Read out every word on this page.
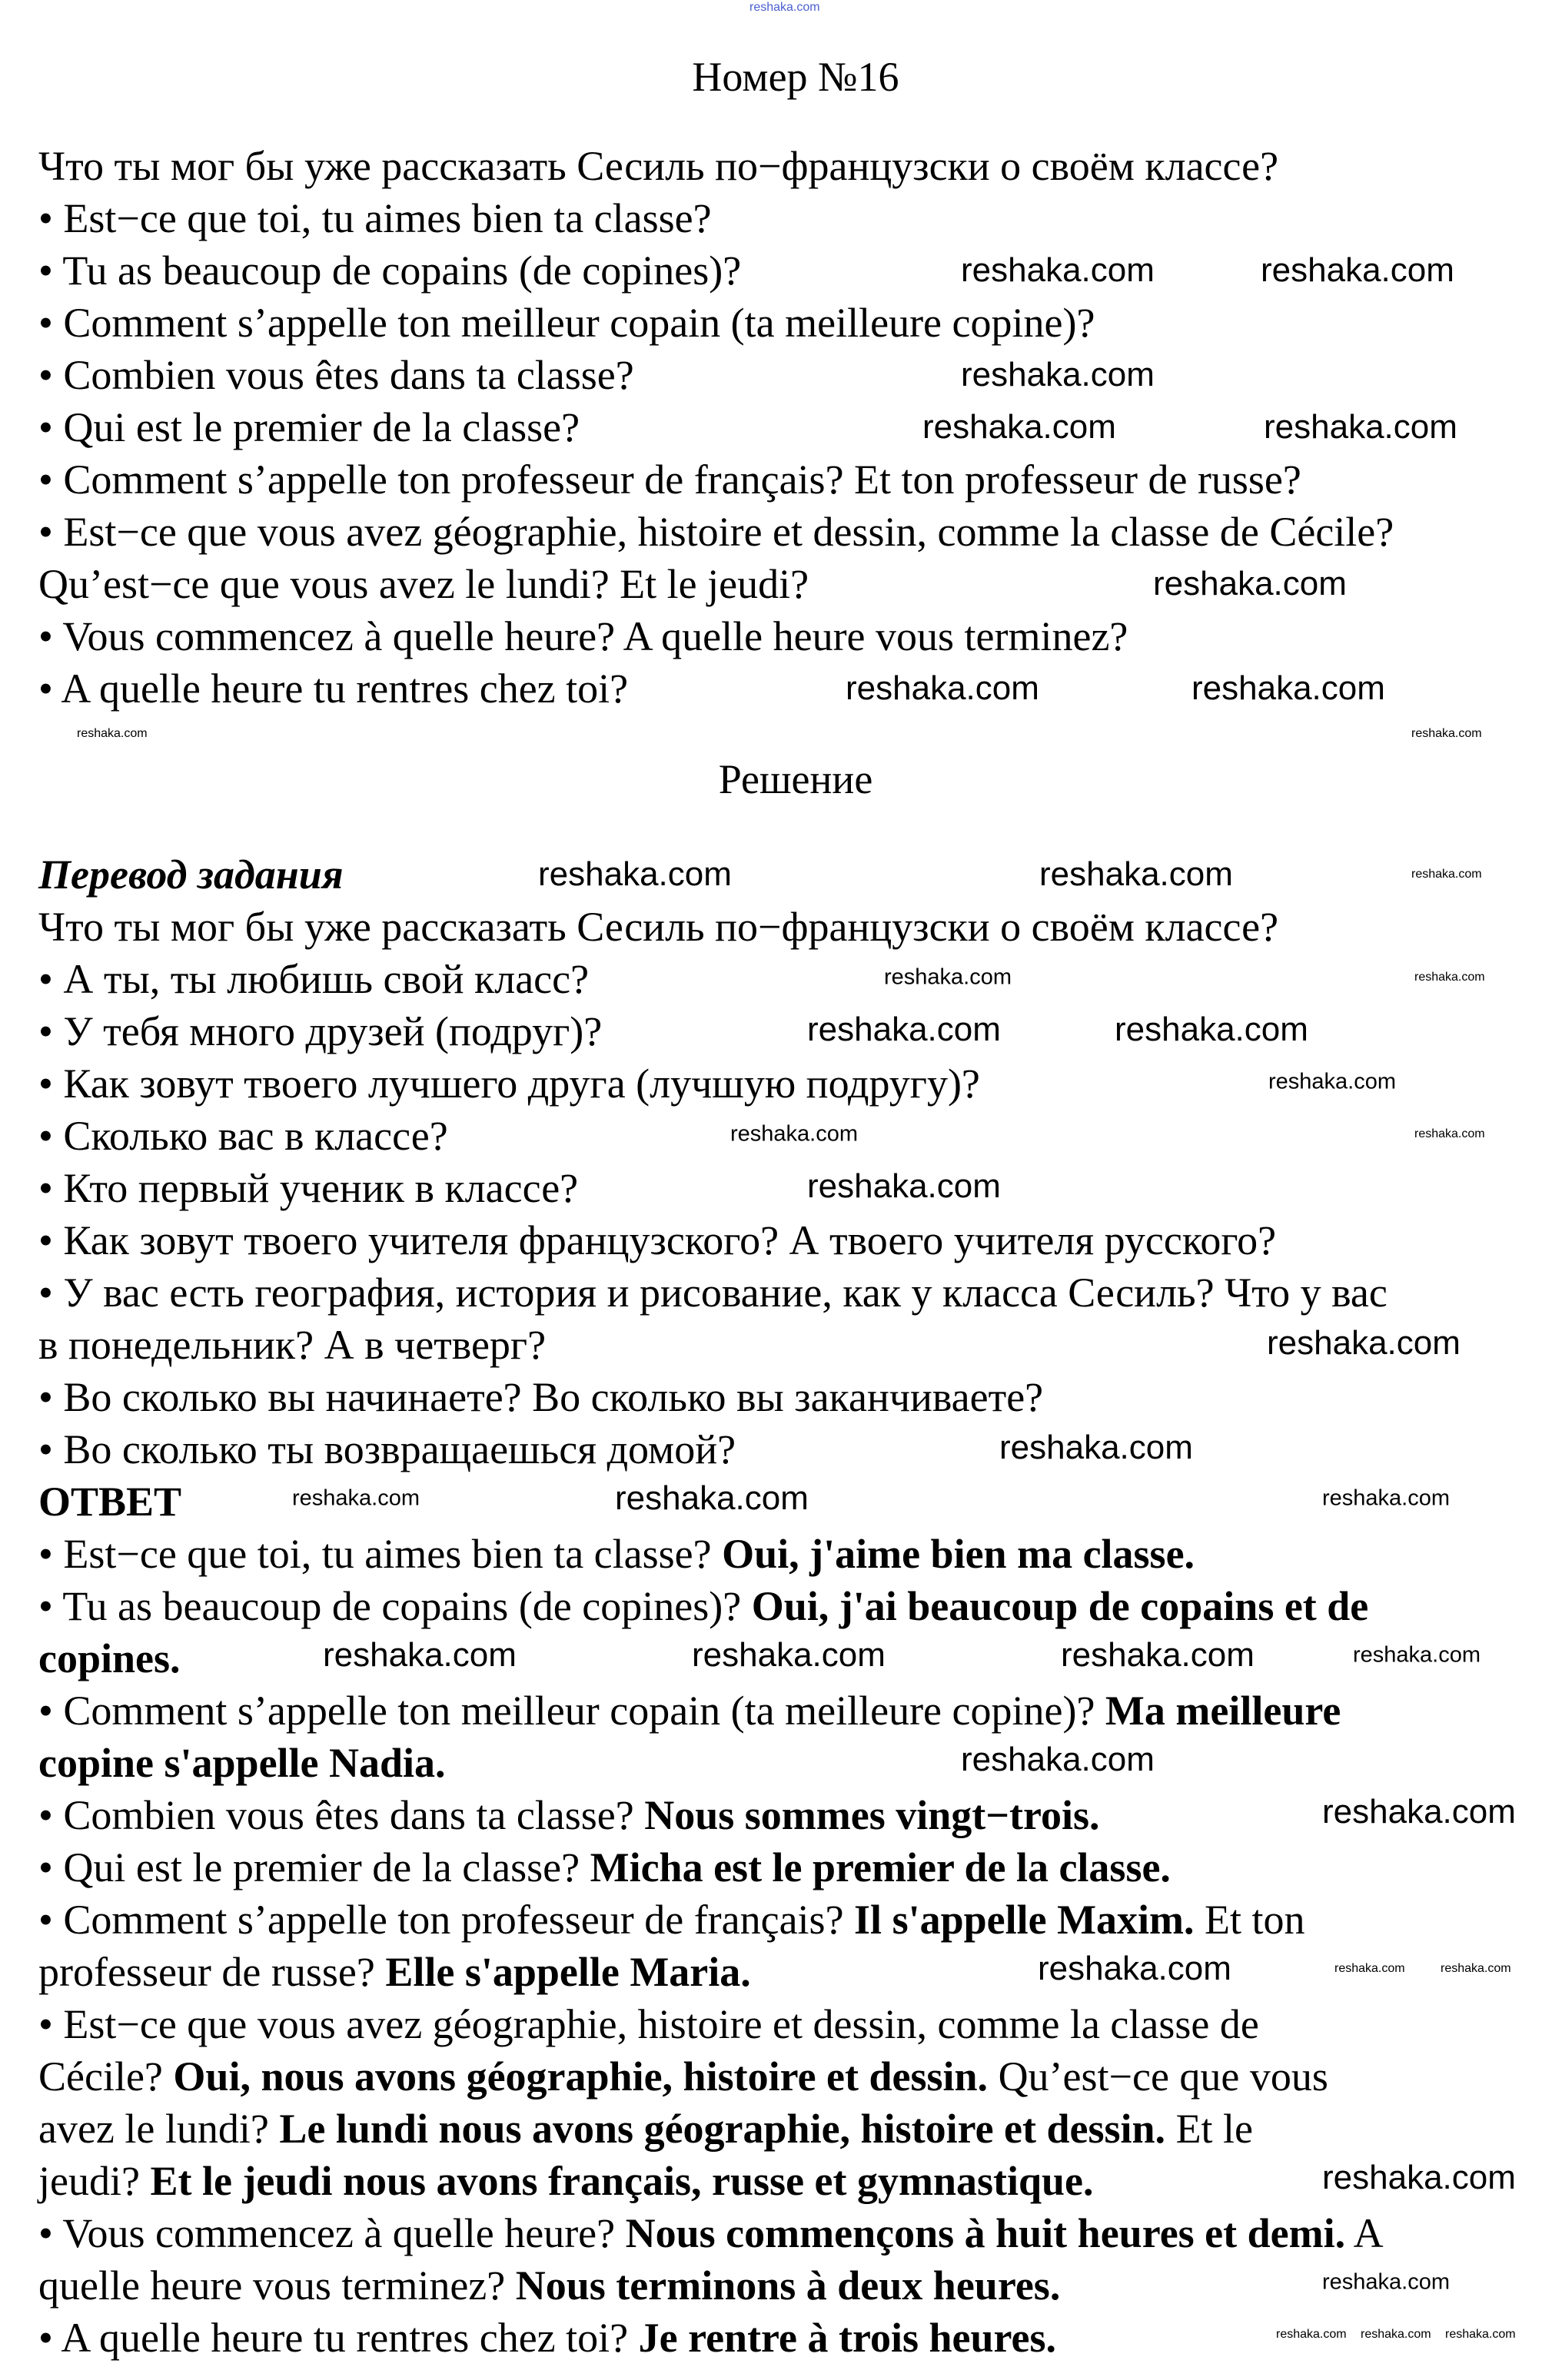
reshaka.com
Номер №16
Что ты мог бы уже рассказать Сесиль по−французски о своём классе?
• Est−ce que toi, tu aimes bien ta classe?
• Tu as beaucoup de copains (de copines)?
• Comment s’appelle ton meilleur copain (ta meilleure copine)?
• Combien vous êtes dans ta classe?
• Qui est le premier de la classe?
• Comment s’appelle ton professeur de français? Et ton professeur de russe?
• Est−ce que vous avez géographie, histoire et dessin, comme la classe de Cécile?
Qu’est−ce que vous avez le lundi? Et le jeudi?
• Vous commencez à quelle heure? A quelle heure vous terminez?
• A quelle heure tu rentres chez toi?
Решение
Перевод задания
Что ты мог бы уже рассказать Сесиль по−французски о своём классе?
• А ты, ты любишь свой класс?
• У тебя много друзей (подруг)?
• Как зовут твоего лучшего друга (лучшую подругу)?
• Сколько вас в классе?
• Кто первый ученик в классе?
• Как зовут твоего учителя французского? А твоего учителя русского?
• У вас есть география, история и рисование, как у класса Сесиль? Что у вас
в понедельник? А в четверг?
• Во сколько вы начинаете? Во сколько вы заканчиваете?
• Во сколько ты возвращаешься домой?
ОТВЕТ
• Est−ce que toi, tu aimes bien ta classe? Oui, j'aime bien ma classe.
• Tu as beaucoup de copains (de copines)? Oui, j'ai beaucoup de copains et de
copines.
• Comment s’appelle ton meilleur copain (ta meilleure copine)? Ma meilleure
copine s'appelle Nadia.
• Combien vous êtes dans ta classe? Nous sommes vingt−trois.
• Qui est le premier de la classe? Micha est le premier de la classe.
• Comment s’appelle ton professeur de français? Il s'appelle Maxim. Et ton
professeur de russe? Elle s'appelle Maria.
• Est−ce que vous avez géographie, histoire et dessin, comme la classe de
Cécile? Oui, nous avons géographie, histoire et dessin. Qu’est−ce que vous
avez le lundi? Le lundi nous avons géographie, histoire et dessin. Et le
jeudi? Et le jeudi nous avons français, russe et gymnastique.
• Vous commencez à quelle heure? Nous commençons à huit heures et demi. A
quelle heure vous terminez? Nous terminons à deux heures.
• A quelle heure tu rentres chez toi? Je rentre à trois heures.
reshaka.com	reshaka.com
reshaka.com
reshaka.com	reshaka.com
reshaka.com
reshaka.com	reshaka.com
reshaka.com	reshaka.com
reshaka.com	reshaka.com	reshaka.com
reshaka.com	reshaka.com
reshaka.com	reshaka.com
reshaka.com
reshaka.com	reshaka.com
reshaka.com
reshaka.com
reshaka.com
reshaka.com	reshaka.com	reshaka.com
reshaka.com	reshaka.com	reshaka.com	reshaka.com
reshaka.com
reshaka.com
reshaka.com	reshaka.com	reshaka.com
reshaka.com
reshaka.com
reshaka.com reshaka.com reshaka.com
